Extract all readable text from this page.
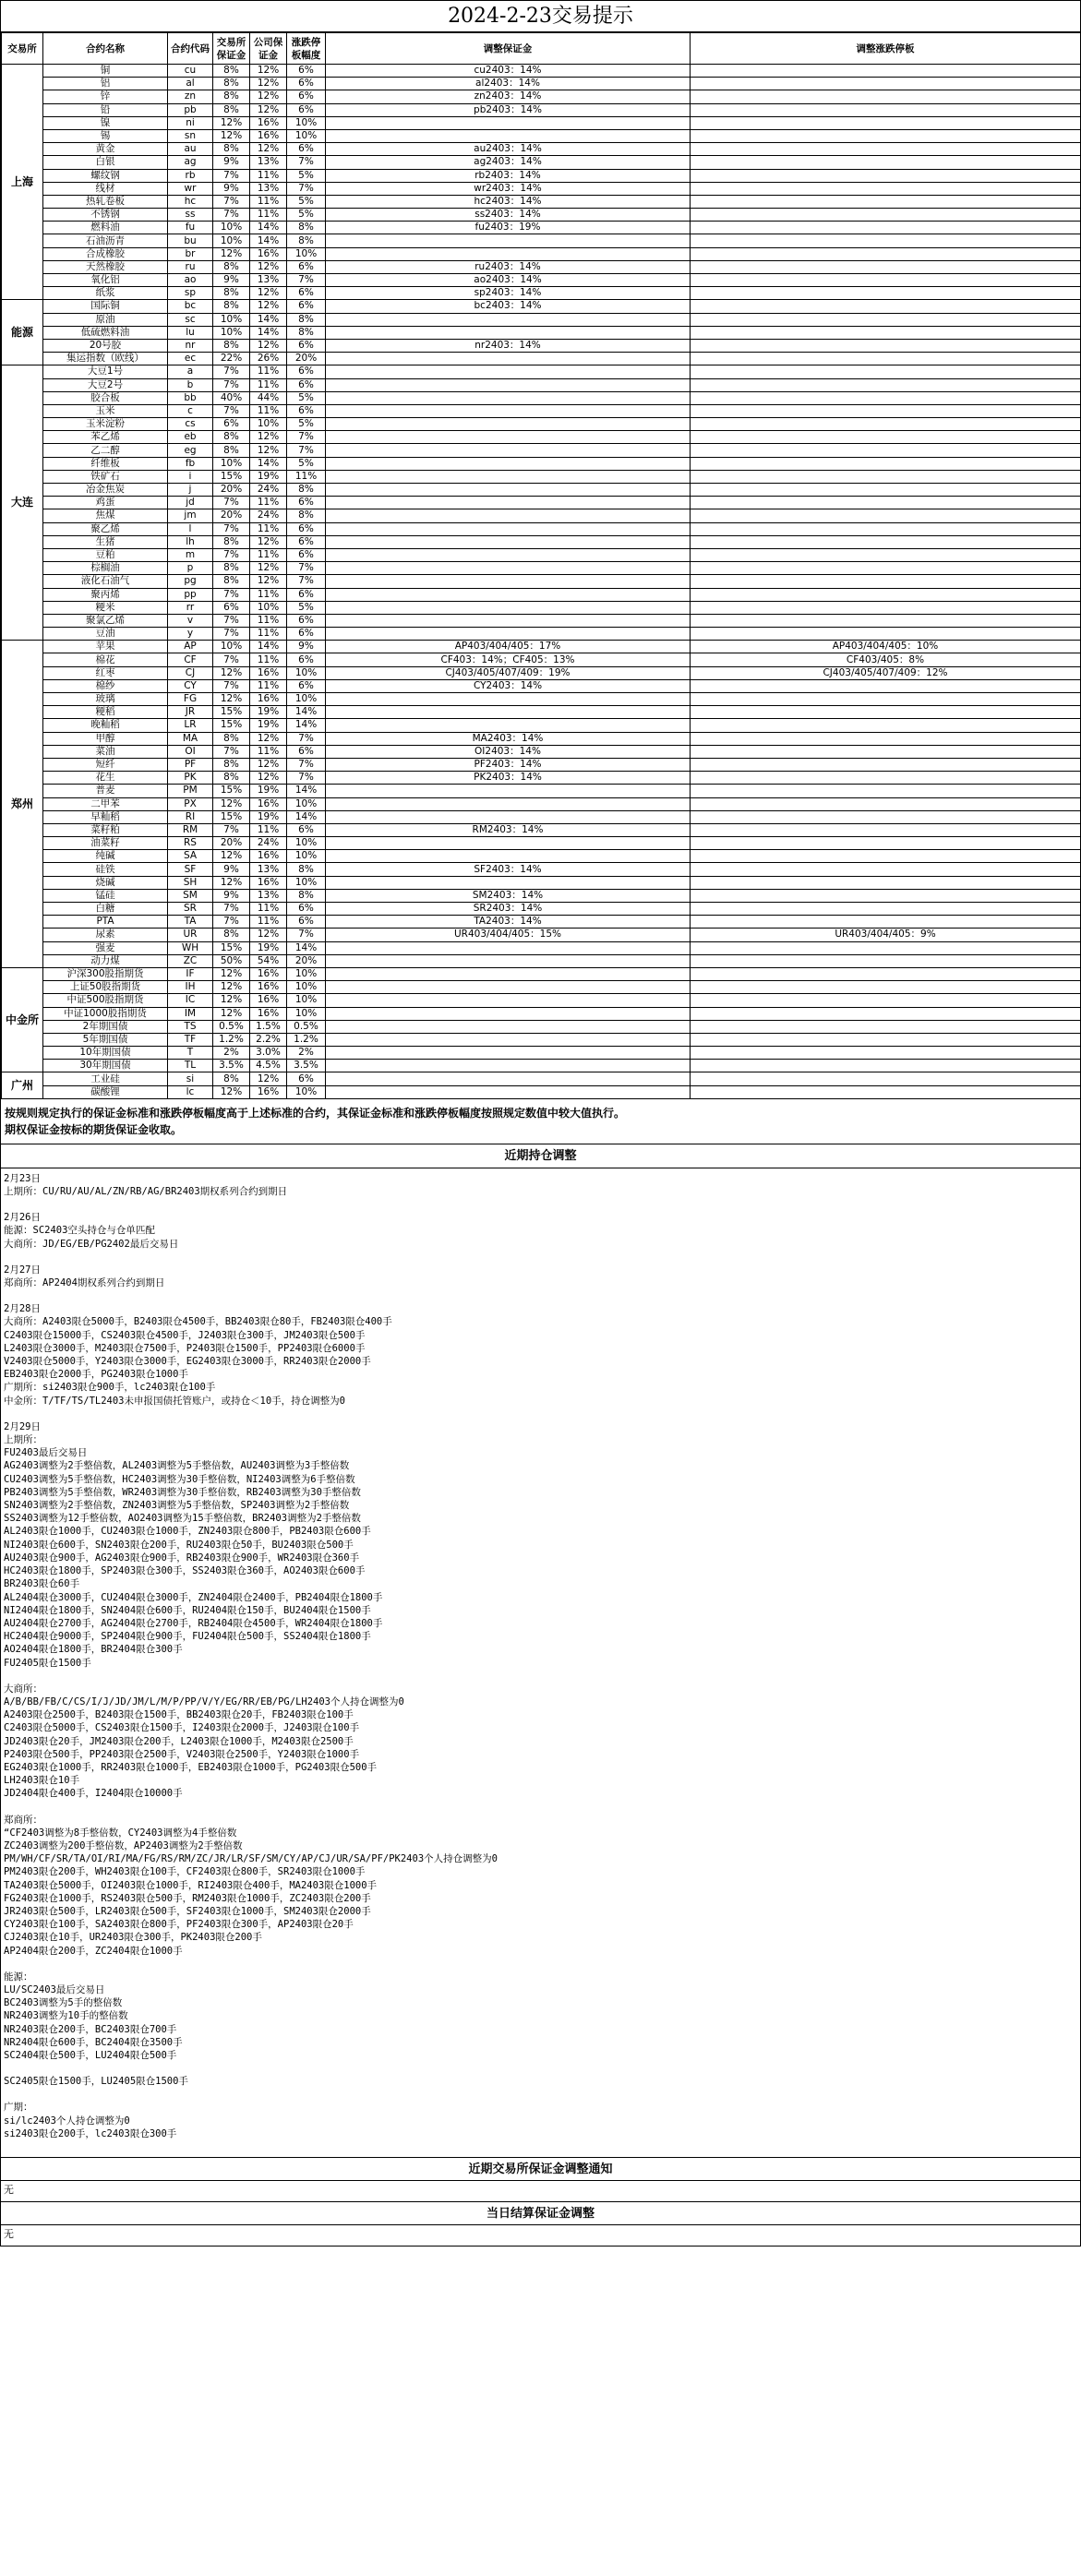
2024-2-23交易提示
交易所	合约名称	合约代码	交易所保证金	公司保证金	涨跌停板幅度	调整保证金	调整涨跌停板
上海	铜	cu	8%	12%	6%	cu2403：14%	
	铝	al	8%	12%	6%	al2403：14%	
	锌	zn	8%	12%	6%	zn2403：14%	
	铅	pb	8%	12%	6%	pb2403：14%	
	镍	ni	12%	16%	10%		
	锡	sn	12%	16%	10%		
	黄金	au	8%	12%	6%	au2403：14%	
	白银	ag	9%	13%	7%	ag2403：14%	
	螺纹钢	rb	7%	11%	5%	rb2403：14%	
	线材	wr	9%	13%	7%	wr2403：14%	
	热轧卷板	hc	7%	11%	5%	hc2403：14%	
	不锈钢	ss	7%	11%	5%	ss2403：14%	
	燃料油	fu	10%	14%	8%	fu2403：19%	
	石油沥青	bu	10%	14%	8%		
	合成橡胶	br	12%	16%	10%		
	天然橡胶	ru	8%	12%	6%	ru2403：14%	
	氧化铝	ao	9%	13%	7%	ao2403：14%	
	纸浆	sp	8%	12%	6%	sp2403：14%	
能源	国际铜	bc	8%	12%	6%	bc2403：14%	
	原油	sc	10%	14%	8%		
	低硫燃料油	lu	10%	14%	8%		
	20号胶	nr	8%	12%	6%	nr2403：14%	
	集运指数（欧线）	ec	22%	26%	20%		
大连	大豆1号	a	7%	11%	6%		
	大豆2号	b	7%	11%	6%		
	胶合板	bb	40%	44%	5%		
	玉米	c	7%	11%	6%		
	玉米淀粉	cs	6%	10%	5%		
	苯乙烯	eb	8%	12%	7%		
	乙二醇	eg	8%	12%	7%		
	纤维板	fb	10%	14%	5%		
	铁矿石	i	15%	19%	11%		
	冶金焦炭	j	20%	24%	8%		
	鸡蛋	jd	7%	11%	6%		
	焦煤	jm	20%	24%	8%		
	聚乙烯	l	7%	11%	6%		
	生猪	lh	8%	12%	6%		
	豆粕	m	7%	11%	6%		
	棕榈油	p	8%	12%	7%		
	液化石油气	pg	8%	12%	7%		
	聚丙烯	pp	7%	11%	6%		
	粳米	rr	6%	10%	5%		
	聚氯乙烯	v	7%	11%	6%		
	豆油	y	7%	11%	6%		
郑州	苹果	AP	10%	14%	9%	AP403/404/405：17%	AP403/404/405：10%
	棉花	CF	7%	11%	6%	CF403：14%；CF405：13%	CF403/405：8%
	红枣	CJ	12%	16%	10%	CJ403/405/407/409：19%	CJ403/405/407/409：12%
	棉纱	CY	7%	11%	6%	CY2403：14%	
	玻璃	FG	12%	16%	10%		
	粳稻	JR	15%	19%	14%		
	晚籼稻	LR	15%	19%	14%		
	甲醇	MA	8%	12%	7%	MA2403：14%	
	菜油	OI	7%	11%	6%	OI2403：14%	
	短纤	PF	8%	12%	7%	PF2403：14%	
	花生	PK	8%	12%	7%	PK2403：14%	
	普麦	PM	15%	19%	14%		
	二甲苯	PX	12%	16%	10%		
	早籼稻	RI	15%	19%	14%		
	菜籽粕	RM	7%	11%	6%	RM2403：14%	
	油菜籽	RS	20%	24%	10%		
	纯碱	SA	12%	16%	10%		
	硅铁	SF	9%	13%	8%	SF2403：14%	
	烧碱	SH	12%	16%	10%		
	锰硅	SM	9%	13%	8%	SM2403：14%	
	白糖	SR	7%	11%	6%	SR2403：14%	
	PTA	TA	7%	11%	6%	TA2403：14%	
	尿素	UR	8%	12%	7%	UR403/404/405：15%	UR403/404/405：9%
	强麦	WH	15%	19%	14%		
	动力煤	ZC	50%	54%	20%		
中金所	沪深300股指期货	IF	12%	16%	10%		
	上证50股指期货	IH	12%	16%	10%		
	中证500股指期货	IC	12%	16%	10%		
	中证1000股指期货	IM	12%	16%	10%		
	2年期国债	TS	0.5%	1.5%	0.5%		
	5年期国债	TF	1.2%	2.2%	1.2%		
	10年期国债	T	2%	3.0%	2%		
	30年期国债	TL	3.5%	4.5%	3.5%		
广州	工业硅	si	8%	12%	6%		
	碳酸锂	lc	12%	16%	10%		
按规则规定执行的保证金标准和涨跌停板幅度高于上述标准的合约，其保证金标准和涨跌停板幅度按照规定数值中较大值执行。
期权保证金按标的期货保证金收取。
近期持仓调整
2月23日
上期所：CU/RU/AU/AL/ZN/RB/AG/BR2403期权系列合约到期日
2月26日
能源：SC2403空头持仓与仓单匹配
大商所：JD/EG/EB/PG2402最后交易日
2月27日
郑商所：AP2404期权系列合约到期日
2月28日
大商所：A2403限仓5000手，B2403限仓4500手，BB2403限仓80手，FB2403限仓400手
C2403限仓15000手，CS2403限仓4500手，J2403限仓300手，JM2403限仓500手
L2403限仓3000手，M2403限仓7500手，P2403限仓1500手，PP2403限仓6000手
V2403限仓5000手，Y2403限仓3000手，EG2403限仓3000手，RR2403限仓2000手
EB2403限仓2000手，PG2403限仓1000手
广期所：si2403限仓900手，lc2403限仓100手
中金所：T/TF/TS/TL2403未申报国债托管账户，或持仓＜10手，持仓调整为0
2月29日
上期所：
FU2403最后交易日
AG2403调整为2手整倍数，AL2403调整为5手整倍数，AU2403调整为3手整倍数
CU2403调整为5手整倍数，HC2403调整为30手整倍数，NI2403调整为6手整倍数
PB2403调整为5手整倍数，WR2403调整为30手整倍数，RB2403调整为30手整倍数
SN2403调整为2手整倍数，ZN2403调整为5手整倍数，SP2403调整为2手整倍数
SS2403调整为12手整倍数，AO2403调整为15手整倍数，BR2403调整为2手整倍数
AL2403限仓1000手，CU2403限仓1000手，ZN2403限仓800手，PB2403限仓600手
NI2403限仓600手，SN2403限仓200手，RU2403限仓50手，BU2403限仓500手
AU2403限仓900手，AG2403限仓900手，RB2403限仓900手，WR2403限仓360手
HC2403限仓1800手，SP2403限仓300手，SS2403限仓360手，AO2403限仓600手
BR2403限仓60手
AL2404限仓3000手，CU2404限仓3000手，ZN2404限仓2400手，PB2404限仓1800手
NI2404限仓1800手，SN2404限仓600手，RU2404限仓150手，BU2404限仓1500手
AU2404限仓2700手，AG2404限仓2700手，RB2404限仓4500手，WR2404限仓1800手
HC2404限仓9000手，SP2404限仓900手，FU2404限仓500手，SS2404限仓1800手
AO2404限仓1800手，BR2404限仓300手
FU2405限仓1500手
大商所：
A/B/BB/FB/C/CS/I/J/JD/JM/L/M/P/PP/V/Y/EG/RR/EB/PG/LH2403个人持仓调整为0
A2403限仓2500手，B2403限仓1500手，BB2403限仓20手，FB2403限仓100手
C2403限仓5000手，CS2403限仓1500手，I2403限仓2000手，J2403限仓100手
JD2403限仓20手，JM2403限仓200手，L2403限仓1000手，M2403限仓2500手
P2403限仓500手，PP2403限仓2500手，V2403限仓2500手，Y2403限仓1000手
EG2403限仓1000手，RR2403限仓1000手，EB2403限仓1000手，PG2403限仓500手
LH2403限仓10手
JD2404限仓400手，I2404限仓10000手
郑商所：
“CF2403调整为8手整倍数，CY2403调整为4手整倍数
ZC2403调整为200手整倍数，AP2403调整为2手整倍数
PM/WH/CF/SR/TA/OI/RI/MA/FG/RS/RM/ZC/JR/LR/SF/SM/CY/AP/CJ/UR/SA/PF/PK2403个人持仓调整为0
PM2403限仓200手，WH2403限仓100手，CF2403限仓800手，SR2403限仓1000手
TA2403限仓5000手，OI2403限仓1000手，RI2403限仓400手，MA2403限仓1000手
FG2403限仓1000手，RS2403限仓500手，RM2403限仓1000手，ZC2403限仓200手
JR2403限仓500手，LR2403限仓500手，SF2403限仓1000手，SM2403限仓2000手
CY2403限仓100手，SA2403限仓800手，PF2403限仓300手，AP2403限仓20手
CJ2403限仓10手，UR2403限仓300手，PK2403限仓200手
AP2404限仓200手，ZC2404限仓1000手
能源：
LU/SC2403最后交易日
BC2403调整为5手的整倍数
NR2403调整为10手的整倍数
NR2403限仓200手，BC2403限仓700手
NR2404限仓600手，BC2404限仓3500手
SC2404限仓500手，LU2404限仓500手
SC2405限仓1500手，LU2405限仓1500手
广期：
si/lc2403个人持仓调整为0
si2403限仓200手，lc2403限仓300手
近期交易所保证金调整通知
无
当日结算保证金调整
无
